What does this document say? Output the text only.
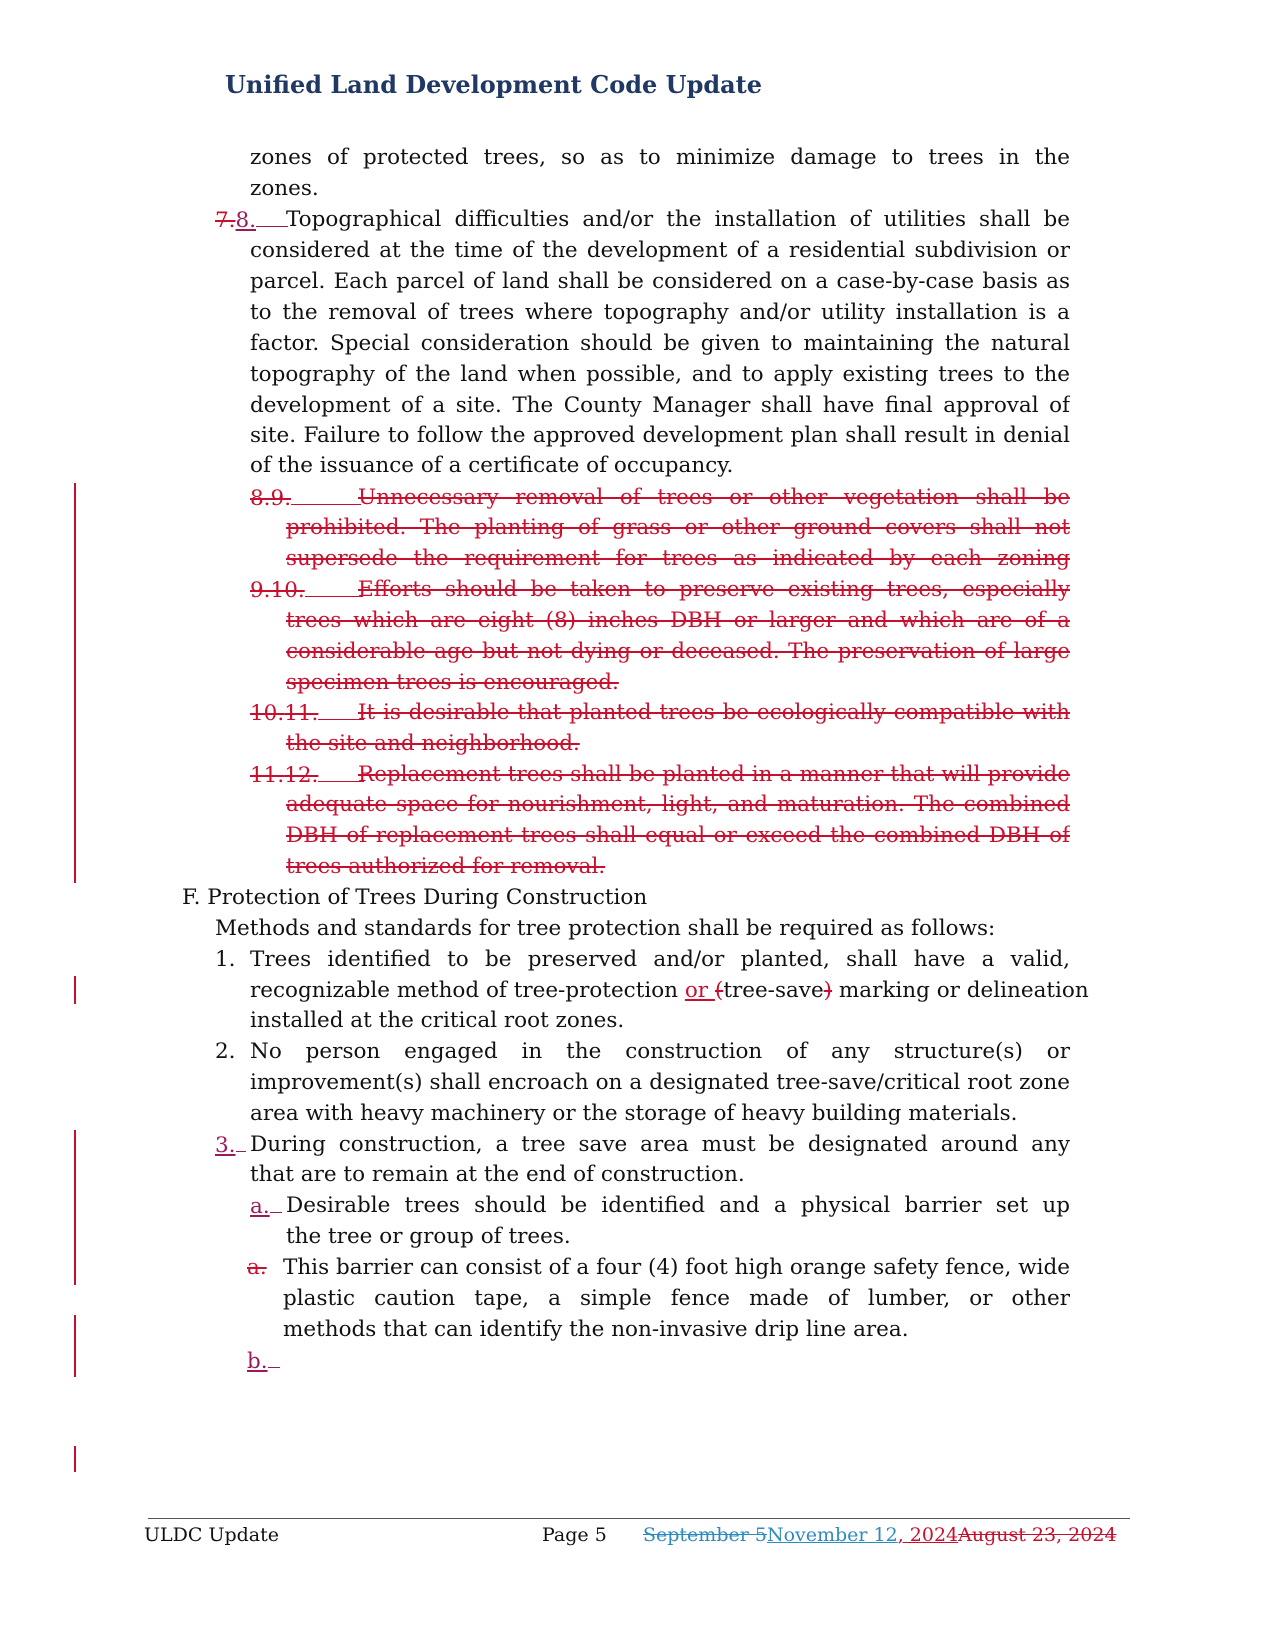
Unified Land Development Code Update
zones of protected trees, so as to minimize damage to trees in the
zones.
7.8.	Topographical difficulties and/or the installation of utilities shall be
considered at the time of the development of a residential subdivision or
parcel. Each parcel of land shall be considered on a case-by-case basis as
to the removal of trees where topography and/or utility installation is a
factor. Special consideration should be given to maintaining the natural
topography of the land when possible, and to apply existing trees to the
development of a site. The County Manager shall have final approval of
site. Failure to follow the approved development plan shall result in denial
of the issuance of a certificate of occupancy.
8.9.	Unnecessary removal of trees or other vegetation shall be
prohibited. The planting of grass or other ground covers shall not
supersede the requirement for trees as indicated by each zoning
9.10.	Efforts should be taken to preserve existing trees, especially
trees which are eight (8) inches DBH or larger and which are of a
considerable age but not dying or deceased. The preservation of large
specimen trees is encouraged.
10.11.	It is desirable that planted trees be ecologically compatible with
the site and neighborhood.
11.12.	Replacement trees shall be planted in a manner that will provide
adequate space for nourishment, light, and maturation. The combined
DBH of replacement trees shall equal or exceed the combined DBH of
trees authorized for removal.
F. Protection of Trees During Construction
Methods and standards for tree protection shall be required as follows:
1. Trees identified to be preserved and/or planted, shall have a valid,
recognizable method of tree-protection or (tree-save) marking or delineation
installed at the critical root zones.
2. No person engaged in the construction of any structure(s) or
improvement(s) shall encroach on a designated tree-save/critical root zone
area with heavy machinery or the storage of heavy building materials.
3. During construction, a tree save area must be designated around any
that are to remain at the end of construction.
a. Desirable trees should be identified and a physical barrier set up
the tree or group of trees.
a. This barrier can consist of a four (4) foot high orange safety fence, wide
plastic caution tape, a simple fence made of lumber, or other
methods that can identify the non-invasive drip line area.
b.
ULDC Update	Page 5 September 5November 12, 2024August 23, 2024
